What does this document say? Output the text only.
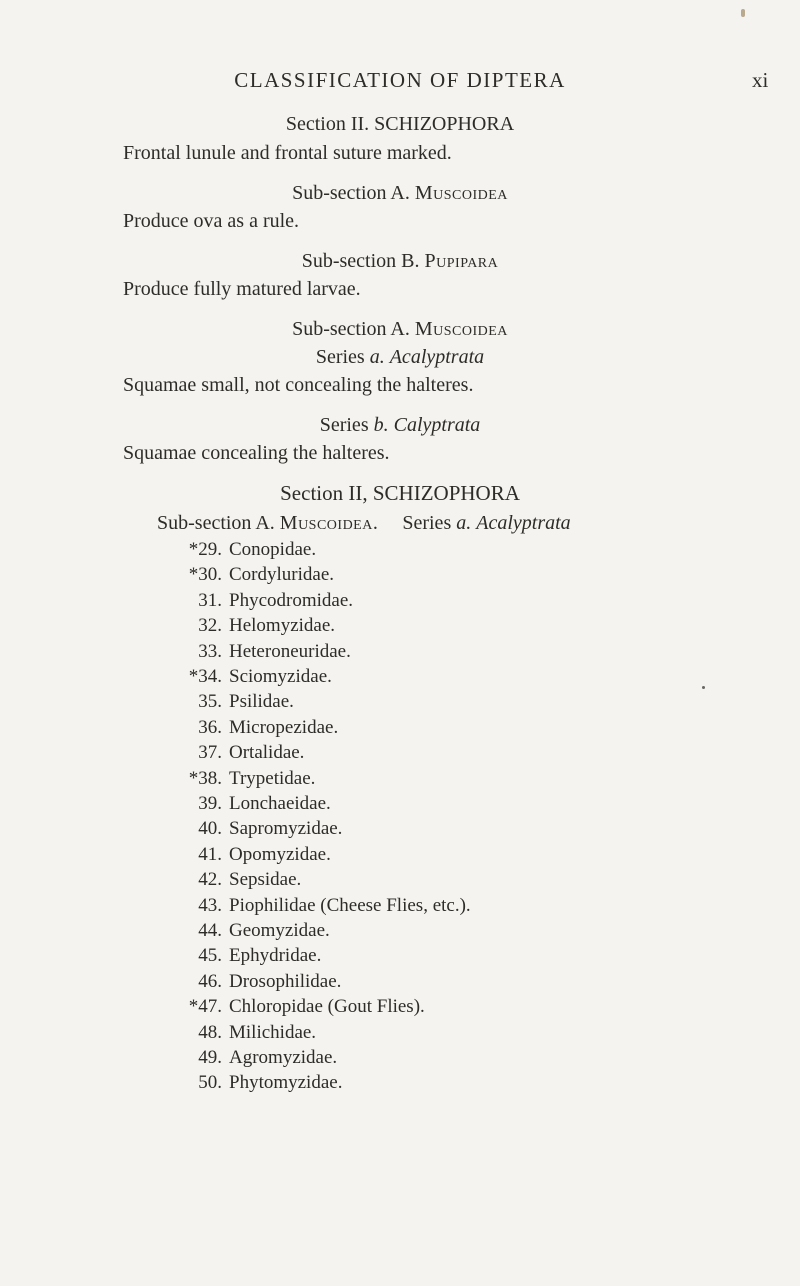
CLASSIFICATION OF DIPTERA	xi
Section II. SCHIZOPHORA
Frontal lunule and frontal suture marked.
Sub-section A. Muscoidea
Produce ova as a rule.
Sub-section B. Pupipara
Produce fully matured larvae.
Sub-section A. Muscoidea
Series a. Acalyptrata
Squamae small, not concealing the halteres.
Series b. Calyptrata
Squamae concealing the halteres.
Section II, SCHIZOPHORA
Sub-section A. Muscoidea. Series a. Acalyptrata
*29. Conopidae.
*30. Cordyluridae.
31. Phycodromidae.
32. Helomyzidae.
33. Heteroneuridae.
*34. Sciomyzidae.
35. Psilidae.
36. Micropezidae.
37. Ortalidae.
*38. Trypetidae.
39. Lonchaeidae.
40. Sapromyzidae.
41. Opomyzidae.
42. Sepsidae.
43. Piophilidae (Cheese Flies, etc.).
44. Geomyzidae.
45. Ephydridae.
46. Drosophilidae.
*47. Chloropidae (Gout Flies).
48. Milichidae.
49. Agromyzidae.
50. Phytomyzidae.
